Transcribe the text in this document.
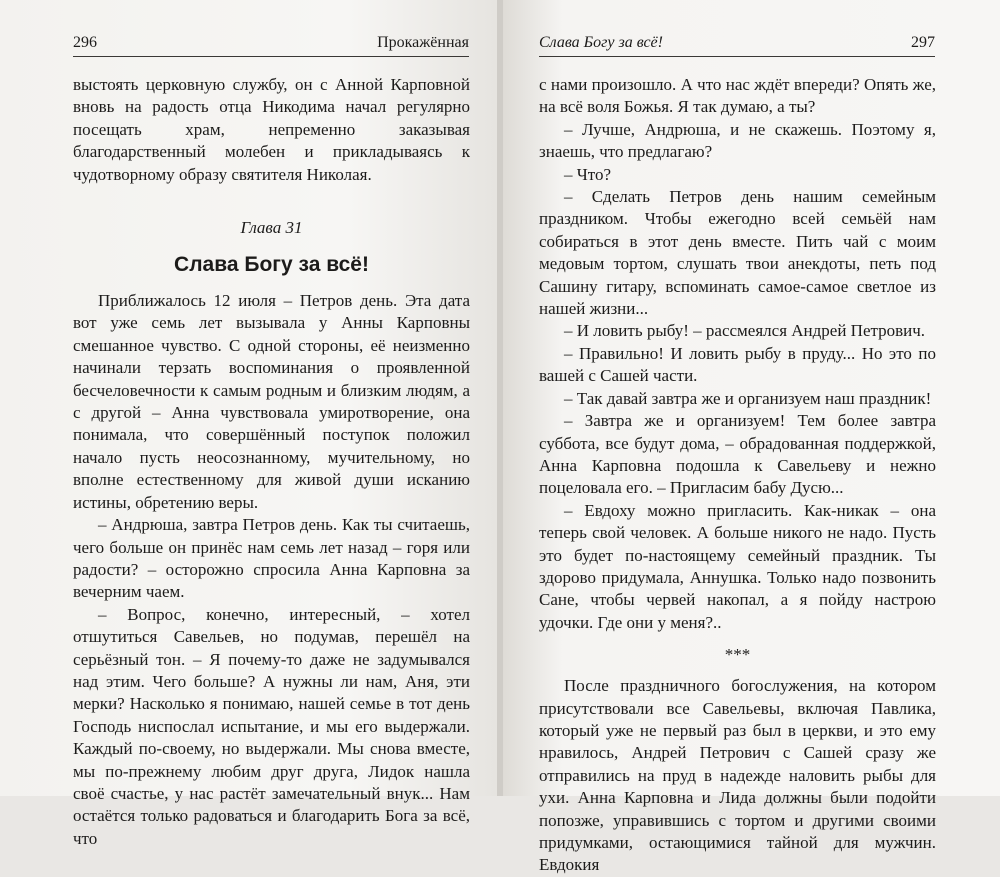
296	Прокажённая

выстоять церковную службу, он с Анной Карповной вновь на радость отца Никодима начал регулярно посещать храм, непременно заказывая благодарственный молебен и прикладываясь к чудотворному образу святителя Николая.

Глава 31
Слава Богу за всё!

Приближалось 12 июля – Петров день. Эта дата вот уже семь лет вызывала у Анны Карповны смешанное чувство. С одной стороны, её неизменно начинали терзать воспоминания о проявленной бесчеловечности к самым родным и близким людям, а с другой – Анна чувствовала умиротворение, она понимала, что совершённый поступок положил начало пусть неосознанному, мучительному, но вполне естественному для живой души исканию истины, обретению веры.

– Андрюша, завтра Петров день. Как ты считаешь, чего больше он принёс нам семь лет назад – горя или радости? – осторожно спросила Анна Карповна за вечерним чаем.

– Вопрос, конечно, интересный, – хотел отшутиться Савельев, но подумав, перешёл на серьёзный тон. – Я почему-то даже не задумывался над этим. Чего больше? А нужны ли нам, Аня, эти мерки? Насколько я понимаю, нашей семье в тот день Господь ниспослал испытание, и мы его выдержали. Каждый по-своему, но выдержали. Мы снова вместе, мы по-прежнему любим друг друга, Лидок нашла своё счастье, у нас растёт замечательный внук... Нам остаётся только радоваться и благодарить Бога за всё, что

Слава Богу за всё!	297

с нами произошло. А что нас ждёт впереди? Опять же, на всё воля Божья. Я так думаю, а ты?

– Лучше, Андрюша, и не скажешь. Поэтому я, знаешь, что предлагаю?

– Что?

– Сделать Петров день нашим семейным праздником. Чтобы ежегодно всей семьёй нам собираться в этот день вместе. Пить чай с моим медовым тортом, слушать твои анекдоты, петь под Сашину гитару, вспоминать самое-самое светлое из нашей жизни...

– И ловить рыбу! – рассмеялся Андрей Петрович.

– Правильно! И ловить рыбу в пруду... Но это по вашей с Сашей части.

– Так давай завтра же и организуем наш праздник!

– Завтра же и организуем! Тем более завтра суббота, все будут дома, – обрадованная поддержкой, Анна Карповна подошла к Савельеву и нежно поцеловала его. – Пригласим бабу Дусю...

– Евдоху можно пригласить. Как-никак – она теперь свой человек. А больше никого не надо. Пусть это будет по-настоящему семейный праздник. Ты здорово придумала, Аннушка. Только надо позвонить Сане, чтобы червей накопал, а я пойду настрою удочки. Где они у меня?..

***

После праздничного богослужения, на котором присутствовали все Савельевы, включая Павлика, который уже не первый раз был в церкви, и это ему нравилось, Андрей Петрович с Сашей сразу же отправились на пруд в надежде наловить рыбы для ухи. Анна Карповна и Лида должны были подойти попозже, управившись с тортом и другими своими придумками, остающимися тайной для мужчин. Евдокия
